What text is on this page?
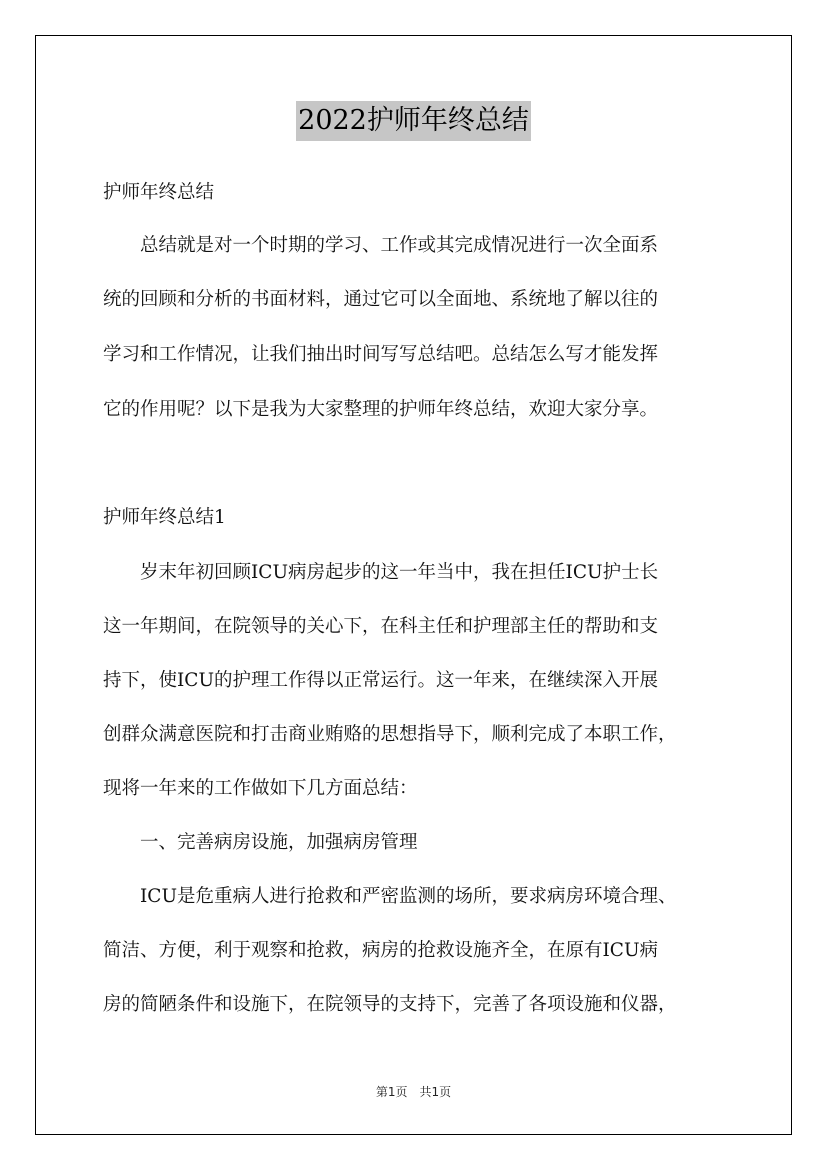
2022护师年终总结
护师年终总结
　　总结就是对一个时期的学习、工作或其完成情况进行一次全面系
统的回顾和分析的书面材料，通过它可以全面地、系统地了解以往的
学习和工作情况，让我们抽出时间写写总结吧。总结怎么写才能发挥
它的作用呢？以下是我为大家整理的护师年终总结，欢迎大家分享。
护师年终总结1
　　岁末年初回顾ICU病房起步的这一年当中，我在担任ICU护士长
这一年期间，在院领导的关心下，在科主任和护理部主任的帮助和支
持下，使ICU的护理工作得以正常运行。这一年来，在继续深入开展
创群众满意医院和打击商业贿赂的思想指导下，顺利完成了本职工作，
现将一年来的工作做如下几方面总结：
　　一、完善病房设施，加强病房管理
　　ICU是危重病人进行抢救和严密监测的场所，要求病房环境合理、
简洁、方便，利于观察和抢救，病房的抢救设施齐全，在原有ICU病
房的简陋条件和设施下，在院领导的支持下，完善了各项设施和仪器，
第1页　共1页
